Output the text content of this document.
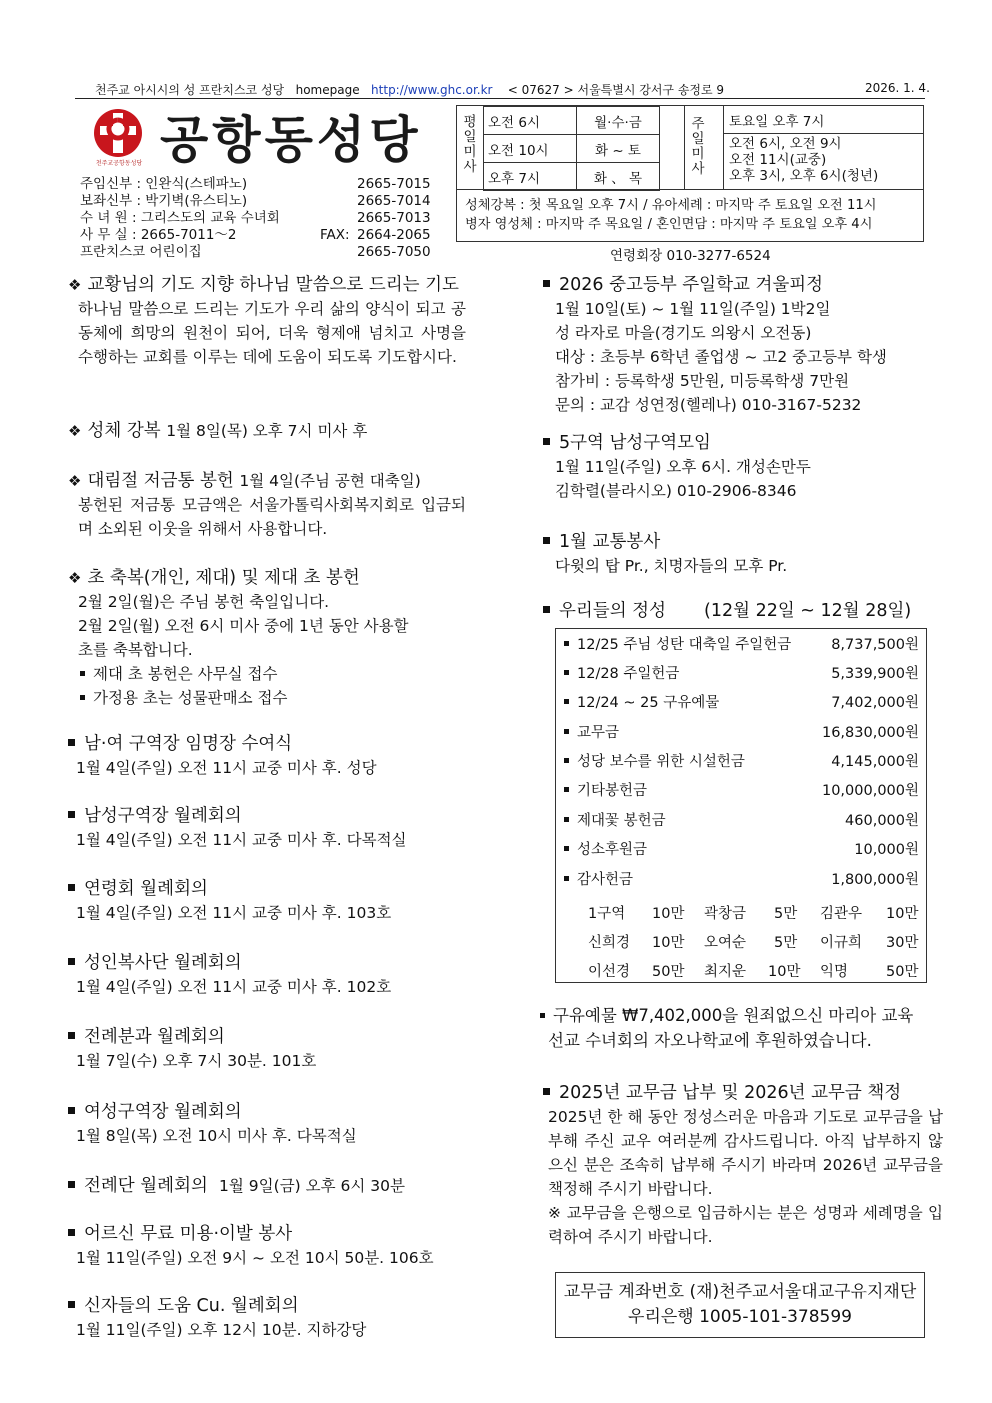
천주교 아시시의 성 프란치스코 성당 homepage http://www.ghc.or.kr < 07627 > 서울특별시 강서구 송정로 9	2026. 1. 4.
천주교공항동성당 공항동성당
주임신부 : 인완식(스테파노)	2665-7015
보좌신부 : 박기벽(유스티노)	2665-7014
수 녀 원 : 그리스도의 교육 수녀회	2665-7013
사 무 실 : 2665-7011～2	FAX: 2664-2065
프란치스코 어린이집	2665-7050
평
일
미
사
오전 6시	월·수·금
오전 10시	화 ~ 토
오후 7시	화 、 목
주
일
미
사
토요일 오후 7시
오전 6시, 오전 9시
오전 11시(교중)
오후 3시, 오후 6시(청년)
성체강복 : 첫 목요일 오후 7시 / 유아세례 : 마지막 주 토요일 오전 11시
병자 영성체 : 마지막 주 목요일 / 혼인면담 : 마지막 주 토요일 오후 4시
연령회장 010-3277-6524
❖ 교황님의 기도 지향 하나님 말씀으로 드리는 기도
하나님 말씀으로 드리는 기도가 우리 삶의 양식이 되고 공동체에 희망의 원천이 되어, 더욱 형제애 넘치고 사명을 수행하는 교회를 이루는 데에 도움이 되도록 기도합시다.
❖ 성체 강복 1월 8일(목) 오후 7시 미사 후
❖ 대림절 저금통 봉헌 1월 4일(주님 공현 대축일)
봉헌된 저금통 모금액은 서울가톨릭사회복지회로 입금되며 소외된 이웃을 위해서 사용합니다.
❖ 초 축복(개인, 제대) 및 제대 초 봉헌
2월 2일(월)은 주님 봉헌 축일입니다.
2월 2일(월) 오전 6시 미사 중에 1년 동안 사용할
초를 축복합니다.
제대 초 봉헌은 사무실 접수
가정용 초는 성물판매소 접수
남·여 구역장 임명장 수여식
1월 4일(주일) 오전 11시 교중 미사 후. 성당
남성구역장 월례회의
1월 4일(주일) 오전 11시 교중 미사 후. 다목적실
연령회 월례회의
1월 4일(주일) 오전 11시 교중 미사 후. 103호
성인복사단 월례회의
1월 4일(주일) 오전 11시 교중 미사 후. 102호
전례분과 월례회의
1월 7일(수) 오후 7시 30분. 101호
여성구역장 월례회의
1월 8일(목) 오전 10시 미사 후. 다목적실
전례단 월례회의 1월 9일(금) 오후 6시 30분
어르신 무료 미용·이발 봉사
1월 11일(주일) 오전 9시 ~ 오전 10시 50분. 106호
신자들의 도움 Cu. 월례회의
1월 11일(주일) 오후 12시 10분. 지하강당
2026 중고등부 주일학교 겨울피정
1월 10일(토) ~ 1월 11일(주일) 1박2일
성 라자로 마을(경기도 의왕시 오전동)
대상 : 초등부 6학년 졸업생 ~ 고2 중고등부 학생
참가비 : 등록학생 5만원, 미등록학생 7만원
문의 : 교감 성연정(헬레나) 010-3167-5232
5구역 남성구역모임
1월 11일(주일) 오후 6시. 개성손만두
김학렬(블라시오) 010-2906-8346
1월 교통봉사
다윗의 탑 Pr., 치명자들의 모후 Pr.
우리들의 정성 (12월 22일 ~ 12월 28일)
12/25 주님 성탄 대축일 주일헌금	8,737,500원
12/28 주일헌금	5,339,900원
12/24 ~ 25 구유예물	7,402,000원
교무금	16,830,000원
성당 보수를 위한 시설헌금	4,145,000원
기타봉헌금	10,000,000원
제대꽃 봉헌금	460,000원
성소후원금	10,000원
감사헌금	1,800,000원
1구역 10만 곽창금 5만 김관우 10만
신희경 10만 오여순 5만 이규희 30만
이선경 50만 최지운 10만 익명	50만
구유예물 ₩7,402,000을 원죄없으신 마리아 교육
선교 수녀회의 자오나학교에 후원하였습니다.
2025년 교무금 납부 및 2026년 교무금 책정
2025년 한 해 동안 정성스러운 마음과 기도로 교무금을 납부해 주신 교우 여러분께 감사드립니다. 아직 납부하지 않으신 분은 조속히 납부해 주시기 바라며 2026년 교무금을 책정해 주시기 바랍니다.
※ 교무금을 은행으로 입금하시는 분은 성명과 세례명을 입력하여 주시기 바랍니다.
교무금 계좌번호 (재)천주교서울대교구유지재단
우리은행 1005-101-378599
